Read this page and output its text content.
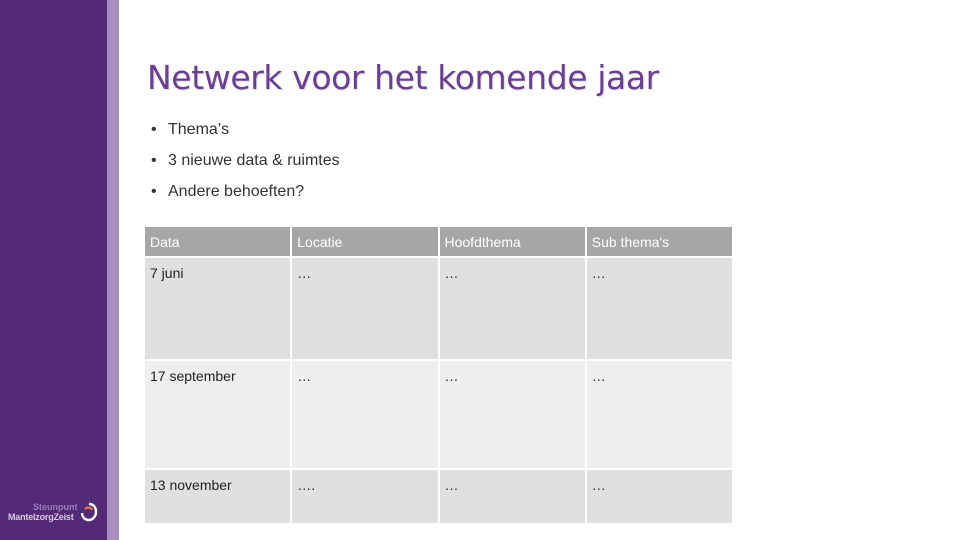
Steunpunt
MantelzorgZeist
Netwerk voor het komende jaar
• Thema’s
• 3 nieuwe data & ruimtes
• Andere behoeften?
Data	Locatie	Hoofdthema	Sub thema's
7 juni	…	…	…
17 september	…	…	…
13 november	….	…	…
